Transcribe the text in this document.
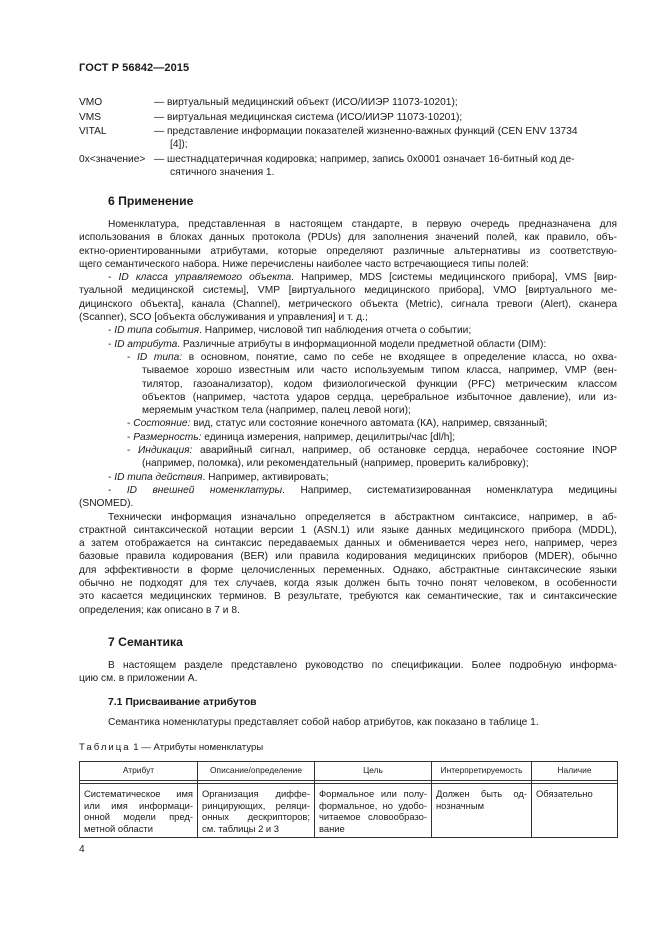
ГОСТ Р 56842—2015
VMO	— виртуальный медицинский объект (ИСО/ИИЭР 11073-10201);
VMS	— виртуальная медицинская система (ИСО/ИИЭР 11073-10201);
VITAL	— представление информации показателей жизненно-важных функций (CEN ENV 13734
[4]);
0x<значение> — шестнадцатеричная кодировка; например, запись 0x0001 означает 16-битный код де-
сятичного значения 1.
6 Применение
Номенклатура, представленная в настоящем стандарте, в первую очередь предназначена для
использования в блоках данных протокола (PDUs) для заполнения значений полей, как правило, объ-
ектно-ориентированными атрибутами, которые определяют различные альтернативы из соответствую-
щего семантического набора. Ниже перечислены наиболее часто встречающиеся типы полей:
- ID класса управляемого объекта. Например, MDS [системы медицинского прибора], VMS [вир-
туальной медицинской системы], VMP [виртуального медицинского прибора], VMO [виртуального ме-
дицинского объекта], канала (Channel), метрического объекта (Metric), сигнала тревоги (Alert), сканера
(Scanner), SCO [объекта обслуживания и управления] и т. д.;
- ID типа события. Например, числовой тип наблюдения отчета о событии;
- ID атрибута. Различные атрибуты в информационной модели предметной области (DIM):
- ID типа: в основном, понятие, само по себе не входящее в определение класса, но охва-
тываемое хорошо известным или часто используемым типом класса, например, VMP (вен-
тилятор, газоанализатор), кодом физиологической функции (PFC) метрическим классом
объектов (например, частота ударов сердца, церебральное избыточное давление), или из-
меряемым участком тела (например, палец левой ноги);
- Состояние: вид, статус или состояние конечного автомата (КА), например, связанный;
- Размерность: единица измерения, например, децилитры/час [dl/h];
- Индикация: аварийный сигнал, например, об остановке сердца, нерабочее состояние INOP
(например, поломка), или рекомендательный (например, проверить калибровку);
- ID типа действия. Например, активировать;
- ID внешней номенклатуры. Например, систематизированная номенклатура медицины
(SNOMED).
Технически информация изначально определяется в абстрактном синтаксисе, например, в аб-
страктной синтаксической нотации версии 1 (ASN.1) или языке данных медицинского прибора (MDDL),
а затем отображается на синтаксис передаваемых данных и обменивается через него, например, через
базовые правила кодирования (BER) или правила кодирования медицинских приборов (MDER), обычно
для эффективности в форме целочисленных переменных. Однако, абстрактные синтаксические языки
обычно не подходят для тех случаев, когда язык должен быть точно понят человеком, в особенности
это касается медицинских терминов. В результате, требуются как семантические, так и синтаксические
определения; как описано в 7 и 8.
7 Семантика
В настоящем разделе представлено руководство по спецификации. Более подробную информа-
цию см. в приложении А.
7.1 Присваивание атрибутов
Семантика номенклатуры представляет собой набор атрибутов, как показано в таблице 1.
Таблица 1 — Атрибуты номенклатуры
Атрибут	Описание/определение	Цель	Интерпретируемость	Наличие

Систематическое имя или имя информаци-онной модели пред-метной области	Организация диффе-ринцирующих, реляци-онных дескрипторов; см. таблицы 2 и 3	Формальное или полу-формальное, но удобо-читаемое словообразо-вание	Должен быть од-нозначным	Обязательно
4
